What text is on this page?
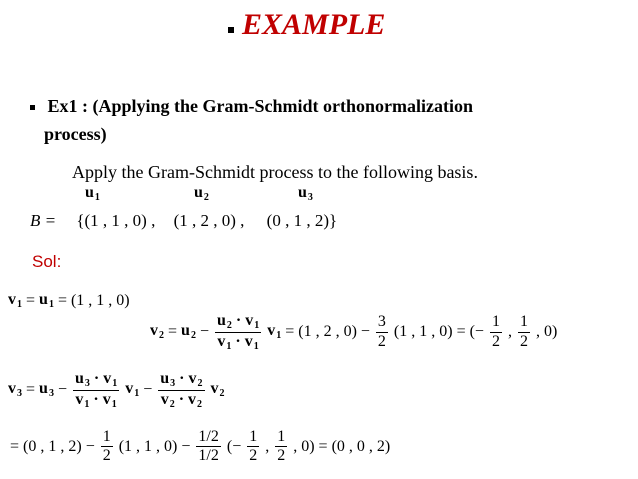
EXAMPLE
Ex1 : (Applying the Gram-Schmidt orthonormalization
process)
Apply the Gram-Schmidt process to the following basis.
$u_1$	$u_2$	$u_3$
B = {(1 , 1 , 0) , (1 , 2 , 0) , (0 , 1 , 2)}
Sol:
$v_1 = u_1 = (1$ , 1 , 0)
$v_2 = u_2 - \frac{u_2 \cdot v_1}{v_1 \cdot v_1} v_1 = (1$ , 2 , $0) - \frac{3}{2} (1$ , 1 , 0) = (− $\frac{1}{2}$ , $\frac{1}{2}$ , 0)
$v_3 = u_3 - \frac{u_3 \cdot v_1}{v_1 \cdot v_1} v_1 - \frac{u_3 \cdot v_2}{v_2 \cdot v_2} v_2$
= (0 , 1 , $2) - \frac{1}{2} (1$ , 1 , $0) - \frac{1/2}{1/2}$ (− $\frac{1}{2}$ , $\frac{1}{2}$ , 0) = (0 , 0 , 2)
